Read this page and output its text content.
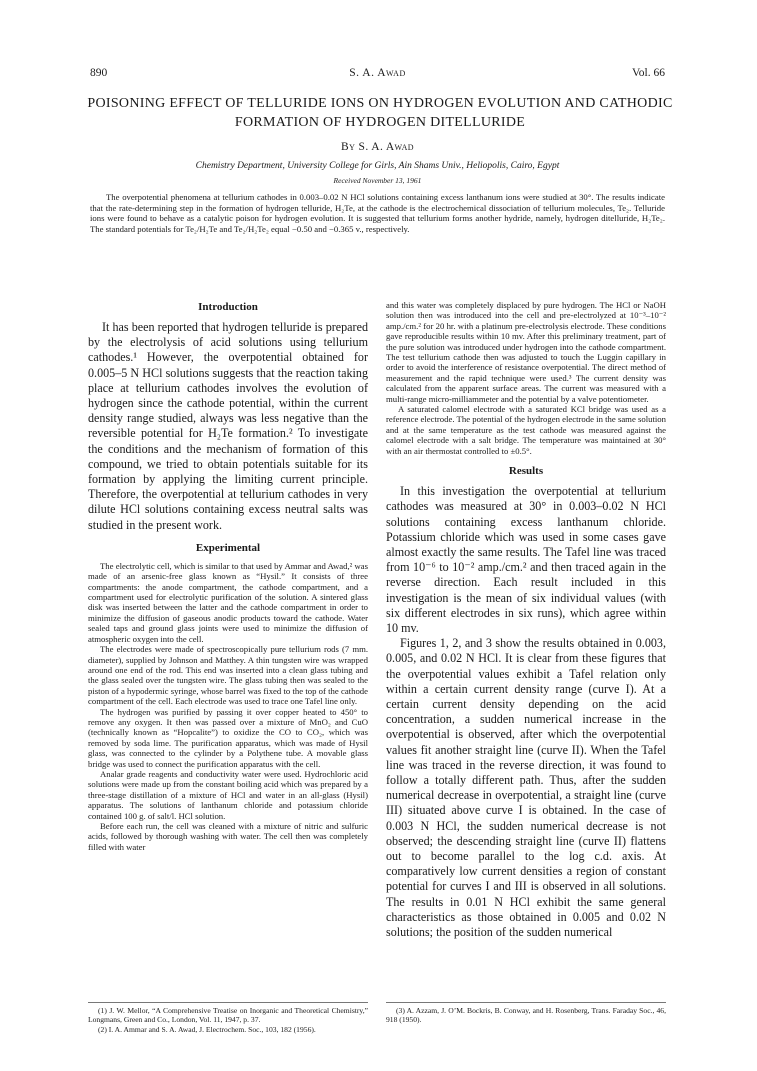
890	S. A. Awad	Vol. 66
POISONING EFFECT OF TELLURIDE IONS ON HYDROGEN EVOLUTION AND CATHODIC FORMATION OF HYDROGEN DITELLURIDE
By S. A. Awad
Chemistry Department, University College for Girls, Ain Shams Univ., Heliopolis, Cairo, Egypt
Received November 13, 1961

The overpotential phenomena at tellurium cathodes in 0.003–0.02 N HCl solutions containing excess lanthanum ions were studied at 30°. The results indicate that the rate-determining step in the formation of hydrogen telluride, H₂Te, at the cathode is the electrochemical dissociation of tellurium molecules, Te₂. Telluride ions were found to behave as a catalytic poison for hydrogen evolution. It is suggested that tellurium forms another hydride, namely, hydrogen ditelluride, H₂Te₂. The standard potentials for Te₂/H₂Te and Te₂/H₂Te₂ equal −0.50 and −0.365 v., respectively.

Introduction

It has been reported that hydrogen telluride is prepared by the electrolysis of acid solutions using tellurium cathodes.¹ However, the overpotential obtained for 0.005–5 N HCl solutions suggests that the reaction taking place at tellurium cathodes involves the evolution of hydrogen since the cathode potential, within the current density range studied, always was less negative than the reversible potential for H₂Te formation.² To investigate the conditions and the mechanism of formation of this compound, we tried to obtain potentials suitable for its formation by applying the limiting current principle. Therefore, the overpotential at tellurium cathodes in very dilute HCl solutions containing excess neutral salts was studied in the present work.

Experimental

The electrolytic cell, which is similar to that used by Ammar and Awad,² was made of an arsenic-free glass known as “Hysil.” It consists of three compartments: the anode compartment, the cathode compartment, and a compartment used for electrolytic purification of the solution. A sintered glass disk was inserted between the latter and the cathode compartment in order to minimize the diffusion of gaseous anodic products toward the cathode. Water sealed taps and ground glass joints were used to minimize the diffusion of atmospheric oxygen into the cell.

The electrodes were made of spectroscopically pure tellurium rods (7 mm. diameter), supplied by Johnson and Matthey. A thin tungsten wire was wrapped around one end of the rod. This end was inserted into a clean glass tubing and the glass sealed over the tungsten wire. The glass tubing then was sealed to the piston of a hypodermic syringe, whose barrel was fixed to the top of the cathode compartment of the cell. Each electrode was used to trace one Tafel line only.

The hydrogen was purified by passing it over copper heated to 450° to remove any oxygen. It then was passed over a mixture of MnO₂ and CuO (technically known as “Hopcalite”) to oxidize the CO to CO₂, which was removed by soda lime. The purification apparatus, which was made of Hysil glass, was connected to the cylinder by a Polythene tube. A movable glass bridge was used to connect the purification apparatus with the cell.

Analar grade reagents and conductivity water were used. Hydrochloric acid solutions were made up from the constant boiling acid which was prepared by a three-stage distillation of a mixture of HCl and water in an all-glass (Hysil) apparatus. The solutions of lanthanum chloride and potassium chloride contained 100 g. of salt/l. HCl solution.

Before each run, the cell was cleaned with a mixture of nitric and sulfuric acids, followed by thorough washing with water. The cell then was completely filled with water

and this water was completely displaced by pure hydrogen. The HCl or NaOH solution then was introduced into the cell and pre-electrolyzed at 10⁻³–10⁻² amp./cm.² for 20 hr. with a platinum pre-electrolysis electrode. These conditions gave reproducible results within 10 mv. After this preliminary treatment, part of the pure solution was introduced under hydrogen into the cathode compartment. The test tellurium cathode then was adjusted to touch the Luggin capillary in order to avoid the interference of resistance overpotential. The direct method of measurement and the rapid technique were used.³ The current density was calculated from the apparent surface areas. The current was measured with a multi-range micro-milliammeter and the potential by a valve potentiometer.

A saturated calomel electrode with a saturated KCl bridge was used as a reference electrode. The potential of the hydrogen electrode in the same solution and at the same temperature as the test cathode was measured against the calomel electrode with a salt bridge. The temperature was maintained at 30° with an air thermostat controlled to ±0.5°.

Results

In this investigation the overpotential at tellurium cathodes was measured at 30° in 0.003–0.02 N HCl solutions containing excess lanthanum chloride. Potassium chloride which was used in some cases gave almost exactly the same results. The Tafel line was traced from 10⁻⁶ to 10⁻² amp./cm.² and then traced again in the reverse direction. Each result included in this investigation is the mean of six individual values (with six different electrodes in six runs), which agree within 10 mv.

Figures 1, 2, and 3 show the results obtained in 0.003, 0.005, and 0.02 N HCl. It is clear from these figures that the overpotential values exhibit a Tafel relation only within a certain current density range (curve I). At a certain current density depending on the acid concentration, a sudden numerical increase in the overpotential is observed, after which the overpotential values fit another straight line (curve II). When the Tafel line was traced in the reverse direction, it was found to follow a totally different path. Thus, after the sudden numerical decrease in overpotential, a straight line (curve III) situated above curve I is obtained. In the case of 0.003 N HCl, the sudden numerical decrease is not observed; the descending straight line (curve II) flattens out to become parallel to the log c.d. axis. At comparatively low current densities a region of constant potential for curves I and III is observed in all solutions. The results in 0.01 N HCl exhibit the same general characteristics as those obtained in 0.005 and 0.02 N solutions; the position of the sudden numerical

(1) J. W. Mellor, “A Comprehensive Treatise on Inorganic and Theoretical Chemistry,” Longmans, Green and Co., London, Vol. 11, 1947, p. 37.

(2) I. A. Ammar and S. A. Awad, J. Electrochem. Soc., 103, 182 (1956).

(3) A. Azzam, J. O’M. Bockris, B. Conway, and H. Rosenberg, Trans. Faraday Soc., 46, 918 (1950).
